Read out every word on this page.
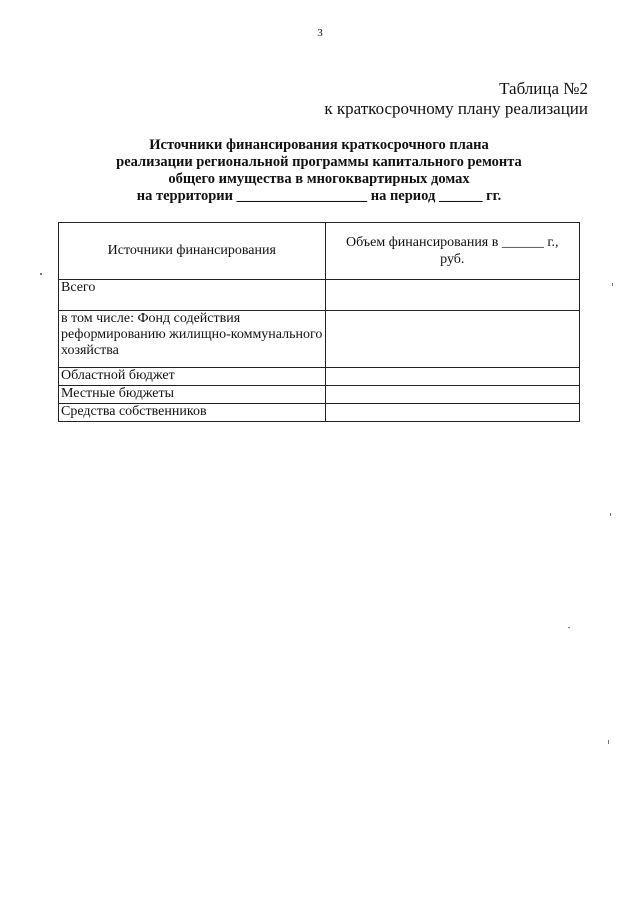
3
Таблица №2
к краткосрочному плану реализации
Источники финансирования краткосрочного плана
реализации региональной программы капитального ремонта
общего имущества в многоквартирных домах
на территории __________________ на период ______ гг.
Источники финансирования	Объем финансирования в ______ г.,
руб.

Всего	
в том числе: Фонд содействия реформированию жилищно-коммунального хозяйства	
Областной бюджет	
Местные бюджеты	
Средства собственников	
